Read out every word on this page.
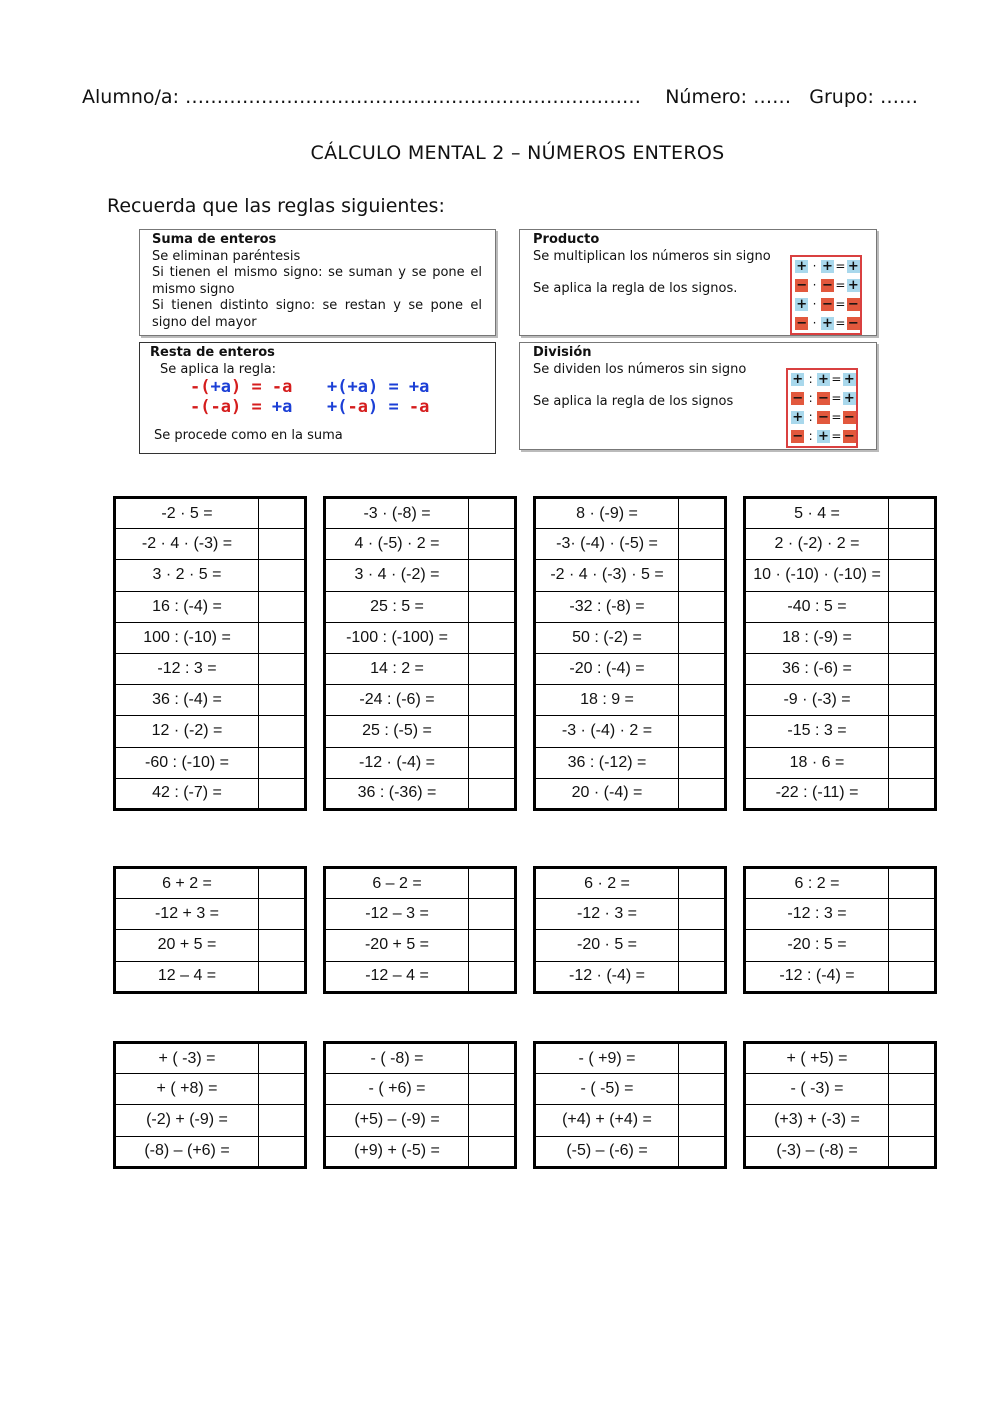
Alumno/a: ……………………………………………………………… Número: …… Grupo: ……
CÁLCULO MENTAL 2 – NÚMEROS ENTEROS
Recuerda que las reglas siguientes:
Suma de enteros
Se eliminan paréntesis
Si tienen el mismo signo: se suman y se pone el
mismo signo
Si tienen distinto signo: se restan y se pone el
signo del mayor
Producto
Se multiplican los números sin signo
Se aplica la regla de los signos.
+ · + = +
− · − = +
+ · − = −
− · + = −
Resta de enteros
Se aplica la regla:
-(+a) = -a +(+a) = +a
-(-a) = +a +(-a) = -a
Se procede como en la suma
División
Se dividen los números sin signo
Se aplica la regla de los signos
+ : + = +
− : − = +
+ : − = −
− : + = −
-2 · 5 =	
-2 · 4 · (-3) =	
3 · 2 · 5 =	
16 : (-4) =	
100 : (-10) =	
-12 : 3 =	
36 : (-4) =	
12 · (-2) =	
-60 : (-10) =	
42 : (-7) =	
-3 · (-8) =	
4 · (-5) · 2 =	
3 · 4 · (-2) =	
25 : 5 =	
-100 : (-100) =	
14 : 2 =	
-24 : (-6) =	
25 : (-5) =	
-12 · (-4) =	
36 : (-36) =	
8 · (-9) =	
-3· (-4) · (-5) =	
-2 · 4 · (-3) · 5 =	
-32 : (-8) =	
50 : (-2) =	
-20 : (-4) =	
18 : 9 =	
-3 · (-4) · 2 =	
36 : (-12) =	
20 · (-4) =	
5 · 4 =	
2 · (-2) · 2 =	
10 · (-10) · (-10) =	
-40 : 5 =	
18 : (-9) =	
36 : (-6) =	
-9 · (-3) =	
-15 : 3 =	
18 · 6 =	
-22 : (-11) =	
6 + 2 =	
-12 + 3 =	
20 + 5 =	
12 – 4 =	
6 – 2 =	
-12 – 3 =	
-20 + 5 =	
-12 – 4 =	
6 · 2 =	
-12 · 3 =	
-20 · 5 =	
-12 · (-4) =	
6 : 2 =	
-12 : 3 =	
-20 : 5 =	
-12 : (-4) =	
+ ( -3) =	
+ ( +8) =	
(-2) + (-9) =	
(-8) – (+6) =	
- ( -8) =	
- ( +6) =	
(+5) – (-9) =	
(+9) + (-5) =	
- ( +9) =	
- ( -5) =	
(+4) + (+4) =	
(-5) – (-6) =	
+ ( +5) =	
- ( -3) =	
(+3) + (-3) =	
(-3) – (-8) =	
